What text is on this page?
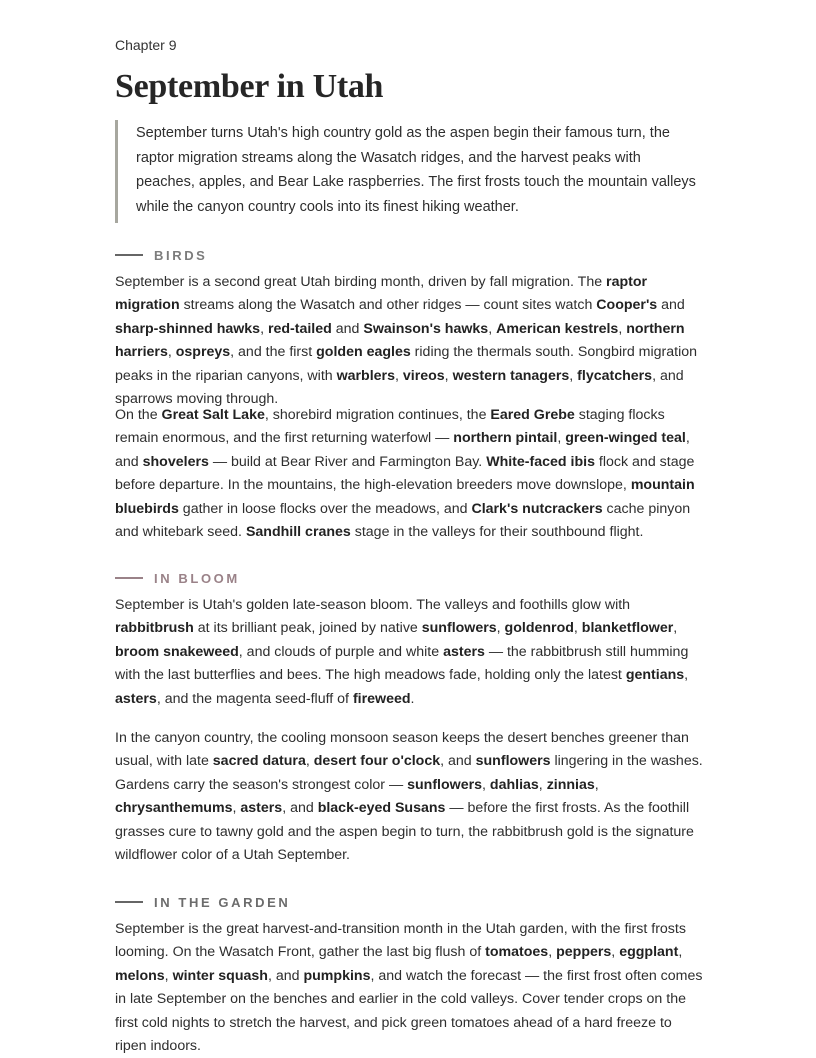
Chapter 9
September in Utah
September turns Utah's high country gold as the aspen begin their famous turn, the raptor migration streams along the Wasatch ridges, and the harvest peaks with peaches, apples, and Bear Lake raspberries. The first frosts touch the mountain valleys while the canyon country cools into its finest hiking weather.
BIRDS

September is a second great Utah birding month, driven by fall migration. The raptor migration streams along the Wasatch and other ridges — count sites watch Cooper's and sharp-shinned hawks, red-tailed and Swainson's hawks, American kestrels, northern harriers, ospreys, and the first golden eagles riding the thermals south. Songbird migration peaks in the riparian canyons, with warblers, vireos, western tanagers, flycatchers, and sparrows moving through.

On the Great Salt Lake, shorebird migration continues, the Eared Grebe staging flocks remain enormous, and the first returning waterfowl — northern pintail, green-winged teal, and shovelers — build at Bear River and Farmington Bay. White-faced ibis flock and stage before departure. In the mountains, the high-elevation breeders move downslope, mountain bluebirds gather in loose flocks over the meadows, and Clark's nutcrackers cache pinyon and whitebark seed. Sandhill cranes stage in the valleys for their southbound flight.

IN BLOOM

September is Utah's golden late-season bloom. The valleys and foothills glow with rabbitbrush at its brilliant peak, joined by native sunflowers, goldenrod, blanketflower, broom snakeweed, and clouds of purple and white asters — the rabbitbrush still humming with the last butterflies and bees. The high meadows fade, holding only the latest gentians, asters, and the magenta seed-fluff of fireweed.

In the canyon country, the cooling monsoon season keeps the desert benches greener than usual, with late sacred datura, desert four o'clock, and sunflowers lingering in the washes. Gardens carry the season's strongest color — sunflowers, dahlias, zinnias, chrysanthemums, asters, and black-eyed Susans — before the first frosts. As the foothill grasses cure to tawny gold and the aspen begin to turn, the rabbitbrush gold is the signature wildflower color of a Utah September.

IN THE GARDEN

September is the great harvest-and-transition month in the Utah garden, with the first frosts looming. On the Wasatch Front, gather the last big flush of tomatoes, peppers, eggplant, melons, winter squash, and pumpkins, and watch the forecast — the first frost often comes in late September on the benches and earlier in the cold valleys. Cover tender crops on the first cold nights to stretch the harvest, and pick green tomatoes ahead of a hard freeze to ripen indoors.
